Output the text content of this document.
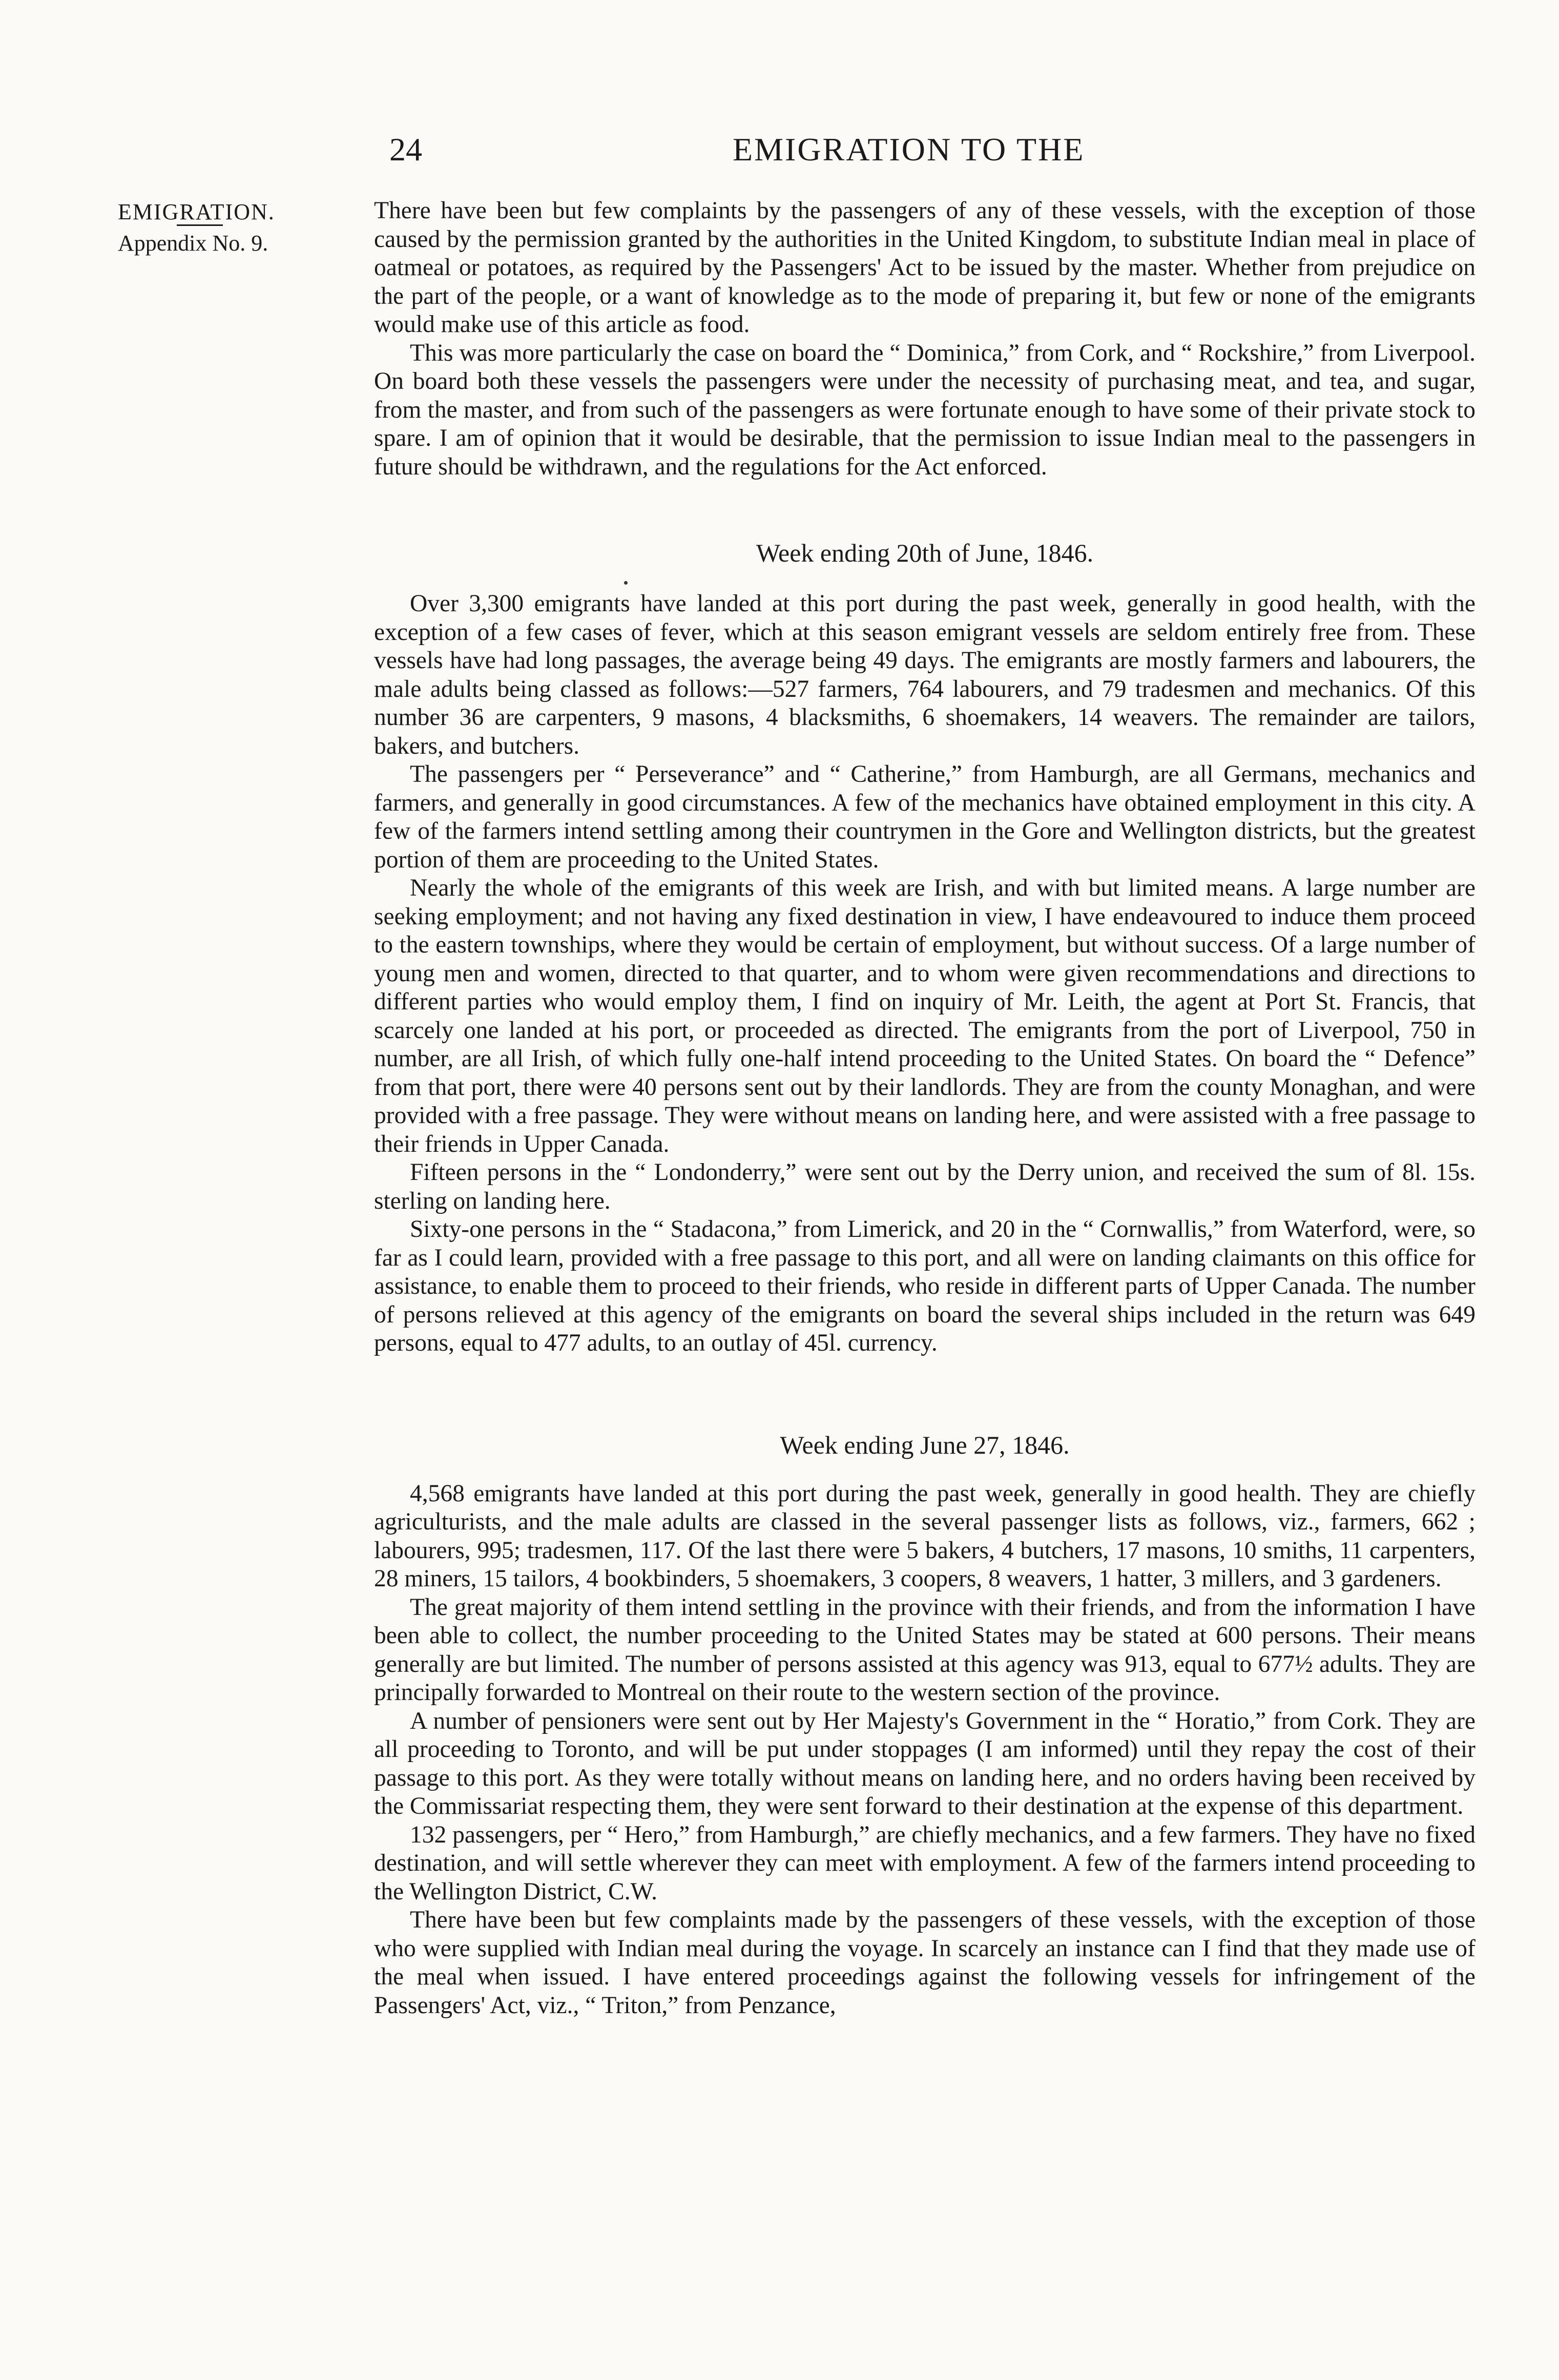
24	EMIGRATION TO THE
EMIGRATION.
Appendix No. 9.

There have been but few complaints by the passengers of any of these vessels, with the exception of those caused by the permission granted by the authorities in the United Kingdom, to substitute Indian meal in place of oatmeal or potatoes, as required by the Passengers' Act to be issued by the master. Whether from prejudice on the part of the people, or a want of knowledge as to the mode of preparing it, but few or none of the emigrants would make use of this article as food.

This was more particularly the case on board the “ Dominica,” from Cork, and “ Rockshire,” from Liverpool. On board both these vessels the passengers were under the necessity of purchasing meat, and tea, and sugar, from the master, and from such of the passengers as were fortunate enough to have some of their private stock to spare. I am of opinion that it would be desirable, that the permission to issue Indian meal to the passengers in future should be withdrawn, and the regulations for the Act enforced.

Week ending 20th of June, 1846.

Over 3,300 emigrants have landed at this port during the past week, generally in good health, with the exception of a few cases of fever, which at this season emigrant vessels are seldom entirely free from. These vessels have had long passages, the average being 49 days. The emigrants are mostly farmers and labourers, the male adults being classed as follows:—527 farmers, 764 labourers, and 79 tradesmen and mechanics. Of this number 36 are carpenters, 9 masons, 4 blacksmiths, 6 shoemakers, 14 weavers. The remainder are tailors, bakers, and butchers.

The passengers per “ Perseverance” and “ Catherine,” from Hamburgh, are all Germans, mechanics and farmers, and generally in good circumstances. A few of the mechanics have obtained employment in this city. A few of the farmers intend settling among their countrymen in the Gore and Wellington districts, but the greatest portion of them are proceeding to the United States.

Nearly the whole of the emigrants of this week are Irish, and with but limited means. A large number are seeking employment; and not having any fixed destination in view, I have endeavoured to induce them proceed to the eastern townships, where they would be certain of employment, but without success. Of a large number of young men and women, directed to that quarter, and to whom were given recommendations and directions to different parties who would employ them, I find on inquiry of Mr. Leith, the agent at Port St. Francis, that scarcely one landed at his port, or proceeded as directed. The emigrants from the port of Liverpool, 750 in number, are all Irish, of which fully one-half intend proceeding to the United States. On board the “ Defence” from that port, there were 40 persons sent out by their landlords. They are from the county Monaghan, and were provided with a free passage. They were without means on landing here, and were assisted with a free passage to their friends in Upper Canada.

Fifteen persons in the “ Londonderry,” were sent out by the Derry union, and received the sum of 8l. 15s. sterling on landing here.

Sixty-one persons in the “ Stadacona,” from Limerick, and 20 in the “ Cornwallis,” from Waterford, were, so far as I could learn, provided with a free passage to this port, and all were on landing claimants on this office for assistance, to enable them to proceed to their friends, who reside in different parts of Upper Canada. The number of persons relieved at this agency of the emigrants on board the several ships included in the return was 649 persons, equal to 477 adults, to an outlay of 45l. currency.

Week ending June 27, 1846.

4,568 emigrants have landed at this port during the past week, generally in good health. They are chiefly agriculturists, and the male adults are classed in the several passenger lists as follows, viz., farmers, 662 ; labourers, 995; tradesmen, 117. Of the last there were 5 bakers, 4 butchers, 17 masons, 10 smiths, 11 carpenters, 28 miners, 15 tailors, 4 bookbinders, 5 shoemakers, 3 coopers, 8 weavers, 1 hatter, 3 millers, and 3 gardeners.

The great majority of them intend settling in the province with their friends, and from the information I have been able to collect, the number proceeding to the United States may be stated at 600 persons. Their means generally are but limited. The number of persons assisted at this agency was 913, equal to 677½ adults. They are principally forwarded to Montreal on their route to the western section of the province.

A number of pensioners were sent out by Her Majesty's Government in the “ Horatio,” from Cork. They are all proceeding to Toronto, and will be put under stoppages (I am informed) until they repay the cost of their passage to this port. As they were totally without means on landing here, and no orders having been received by the Commissariat respecting them, they were sent forward to their destination at the expense of this department.

132 passengers, per “ Hero,” from Hamburgh,” are chiefly mechanics, and a few farmers. They have no fixed destination, and will settle wherever they can meet with employment. A few of the farmers intend proceeding to the Wellington District, C.W.

There have been but few complaints made by the passengers of these vessels, with the exception of those who were supplied with Indian meal during the voyage. In scarcely an instance can I find that they made use of the meal when issued. I have entered proceedings against the following vessels for infringement of the Passengers' Act, viz., “ Triton,” from Penzance,
